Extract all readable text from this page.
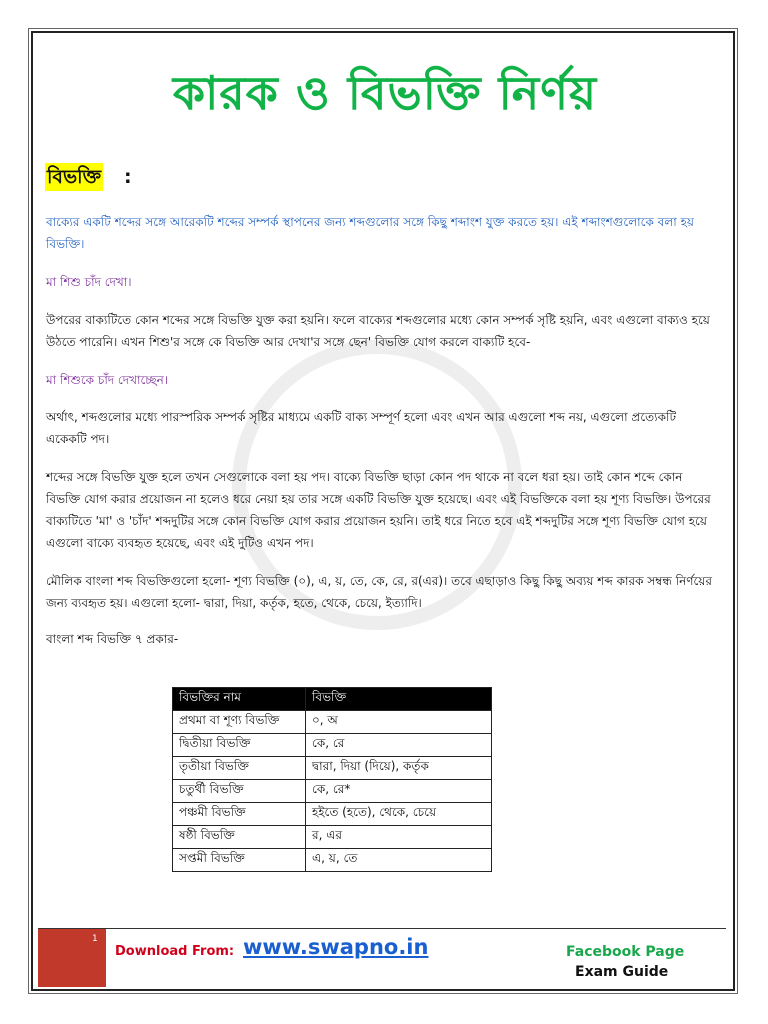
কারক ও বিভক্তি নির্ণয়
বিভক্তি :
বাক্যের একটি শব্দের সঙ্গে আরেকটি শব্দের সম্পর্ক স্থাপনের জন্য শব্দগুলোর সঙ্গে কিছু শব্দাংশ যুক্ত করতে হয়। এই শব্দাংশগুলোকে বলা হয় বিভক্তি।
মা শিশু চাঁদ দেখা।
উপরের বাক্যটিতে কোন শব্দের সঙ্গে বিভক্তি যুক্ত করা হয়নি। ফলে বাক্যের শব্দগুলোর মধ্যে কোন সম্পর্ক সৃষ্টি হয়নি, এবং এগুলো বাক্যও হয়ে উঠতে পারেনি। এখন শিশু'র সঙ্গে কে বিভক্তি আর দেখা'র সঙ্গে ছেন' বিভক্তি যোগ করলে বাক্যটি হবে-
মা শিশুকে চাঁদ দেখাচ্ছেন।
অর্থাৎ, শব্দগুলোর মধ্যে পারস্পরিক সম্পর্ক সৃষ্টির মাধ্যমে একটি বাক্য সম্পূর্ণ হলো এবং এখন আর এগুলো শব্দ নয়, এগুলো প্রত্যেকটি একেকটি পদ।
শব্দের সঙ্গে বিভক্তি যুক্ত হলে তখন সেগুলোকে বলা হয় পদ। বাক্যে বিভক্তি ছাড়া কোন পদ থাকে না বলে ধরা হয়। তাই কোন শব্দে কোন বিভক্তি যোগ করার প্রয়োজন না হলেও ধরে নেয়া হয় তার সঙ্গে একটি বিভক্তি যুক্ত হয়েছে। এবং এই বিভক্তিকে বলা হয় শূণ্য বিভক্তি। উপরের বাক্যটিতে 'মা' ও 'চাঁদ' শব্দদুটির সঙ্গে কোন বিভক্তি যোগ করার প্রয়োজন হয়নি। তাই ধরে নিতে হবে এই শব্দদুটির সঙ্গে শূণ্য বিভক্তি যোগ হয়ে এগুলো বাক্যে ব্যবহৃত হয়েছে, এবং এই দুটিও এখন পদ।
মৌলিক বাংলা শব্দ বিভক্তিগুলো হলো- শূণ্য বিভক্তি (০), এ, য়, তে, কে, রে, র(এর)। তবে এছাড়াও কিছু কিছু অব্যয় শব্দ কারক সম্বন্ধ নির্ণয়ের জন্য ব্যবহৃত হয়। এগুলো হলো- দ্বারা, দিয়া, কর্তৃক, হতে, থেকে, চেয়ে, ইত্যাদি।
বাংলা শব্দ বিভক্তি ৭ প্রকার-
বিভক্তির নাম	বিভক্তি
প্রথমা বা শূণ্য বিভক্তি	০, অ
দ্বিতীয়া বিভক্তি	কে, রে
তৃতীয়া বিভক্তি	দ্বারা, দিয়া (দিয়ে), কর্তৃক
চতুর্থী বিভক্তি	কে, রে*
পঞ্চমী বিভক্তি	হইতে (হতে), থেকে, চেয়ে
ষষ্ঠী বিভক্তি	র, এর
সপ্তমী বিভক্তি	এ, য়, তে
1
Download From: www.swapno.in	Facebook Page
Exam Guide
